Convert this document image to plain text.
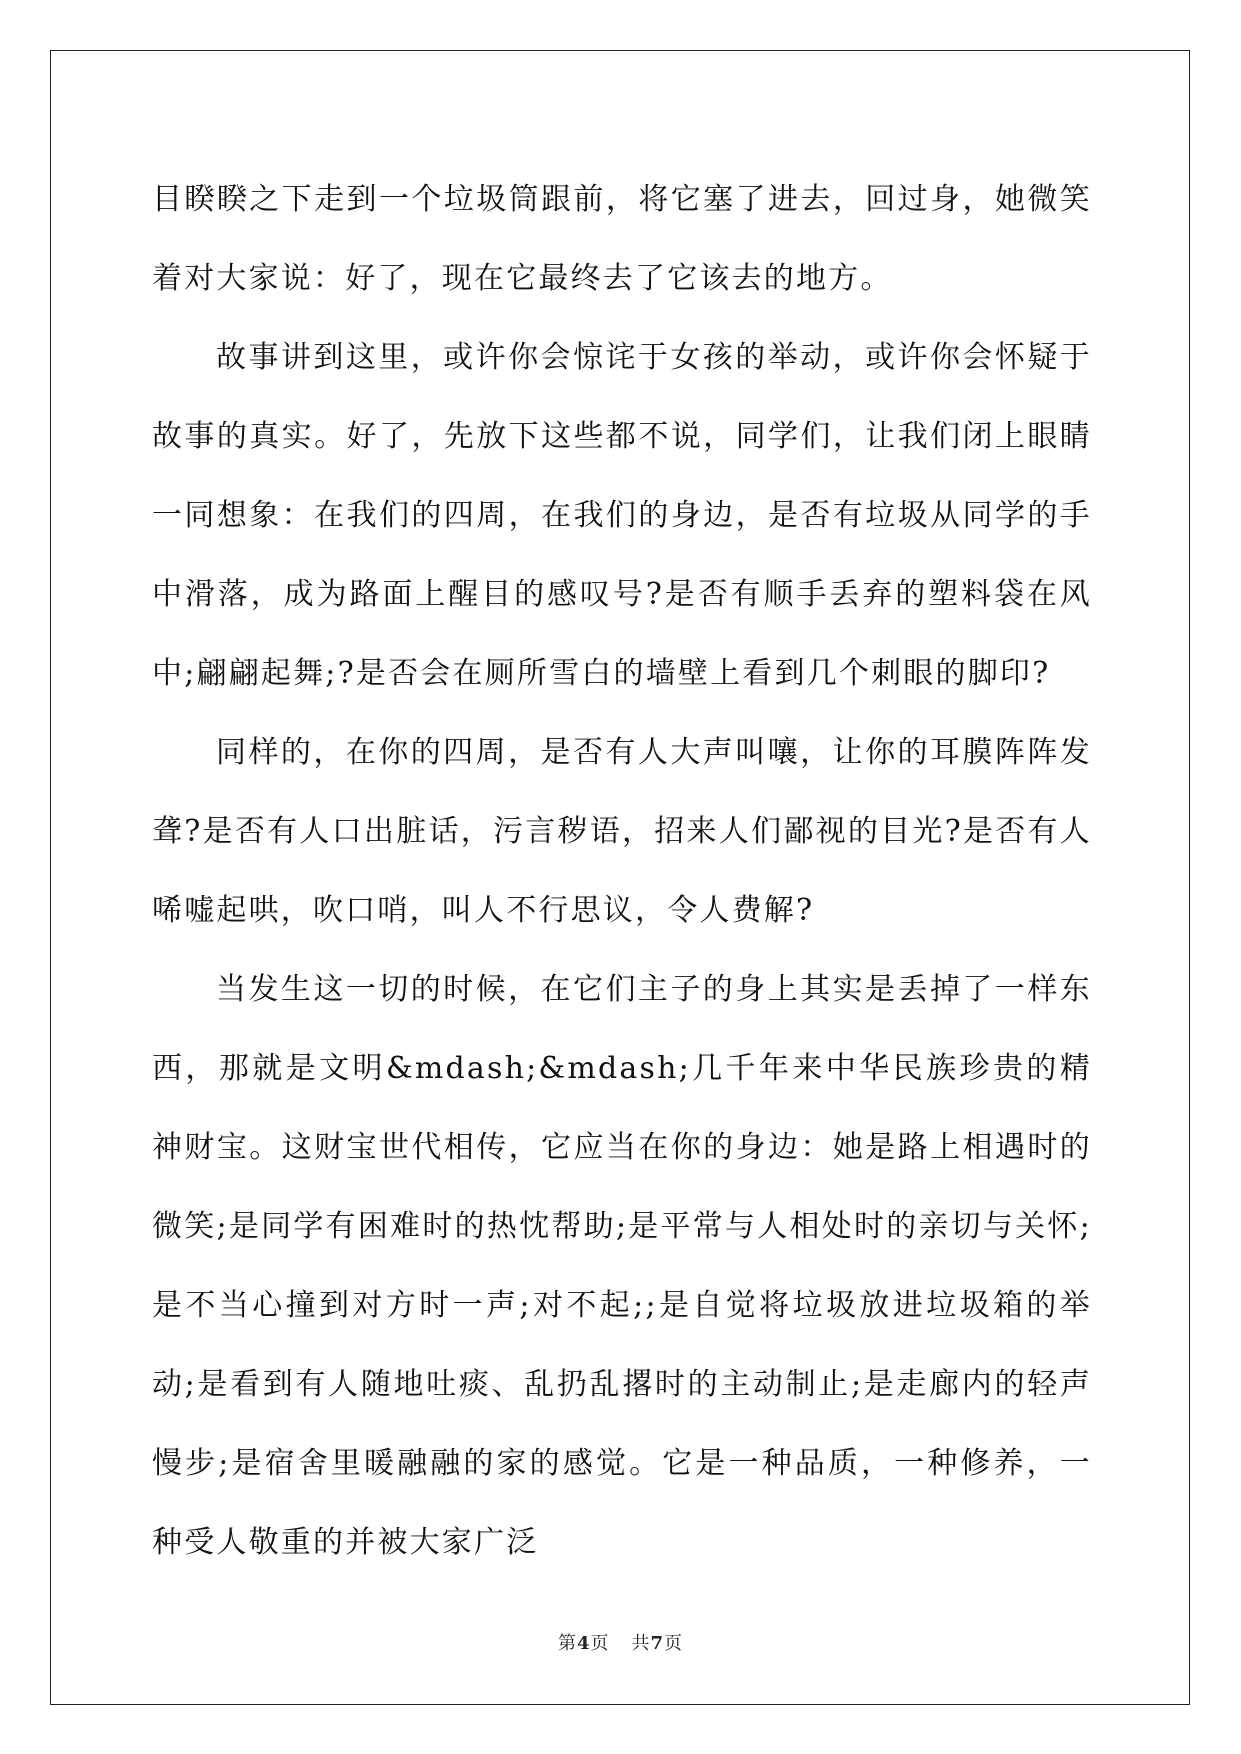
目睽睽之下走到一个垃圾筒跟前，将它塞了进去，回过身，她微笑着对大家说：好了，现在它最终去了它该去的地方。

故事讲到这里，或许你会惊诧于女孩的举动，或许你会怀疑于故事的真实。好了，先放下这些都不说，同学们，让我们闭上眼睛一同想象：在我们的四周，在我们的身边，是否有垃圾从同学的手中滑落，成为路面上醒目的感叹号?是否有顺手丢弃的塑料袋在风中;翩翩起舞;?是否会在厕所雪白的墙壁上看到几个刺眼的脚印?

同样的，在你的四周，是否有人大声叫嚷，让你的耳膜阵阵发聋?是否有人口出脏话，污言秽语，招来人们鄙视的目光?是否有人唏嘘起哄，吹口哨，叫人不行思议，令人费解?

当发生这一切的时候，在它们主子的身上其实是丢掉了一样东西，那就是文明&mdash;&mdash;几千年来中华民族珍贵的精神财宝。这财宝世代相传，它应当在你的身边：她是路上相遇时的微笑;是同学有困难时的热忱帮助;是平常与人相处时的亲切与关怀;是不当心撞到对方时一声;对不起;;是自觉将垃圾放进垃圾箱的举动;是看到有人随地吐痰、乱扔乱撂时的主动制止;是走廊内的轻声慢步;是宿舍里暖融融的家的感觉。它是一种品质，一种修养，一种受人敬重的并被大家广泛

第4页 共7页
